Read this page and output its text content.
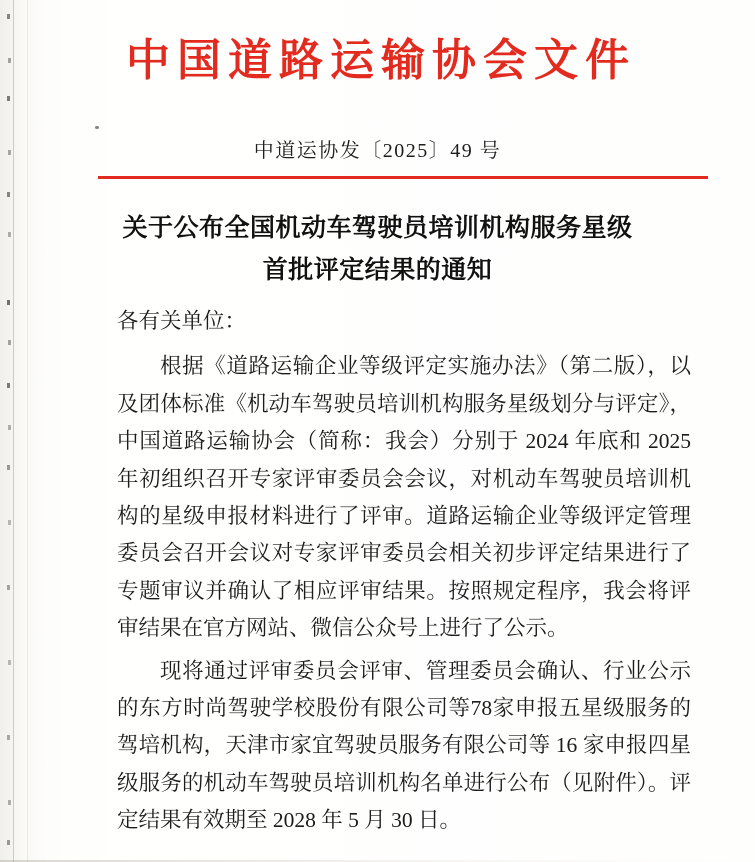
中国道路运输协会文件
中道运协发〔2025〕49 号
关于公布全国机动车驾驶员培训机构服务星级
首批评定结果的通知
各有关单位：

根据《道路运输企业等级评定实施办法》（第二版），以及团体标准《机动车驾驶员培训机构服务星级划分与评定》，中国道路运输协会（简称：我会）分别于 2024 年底和 2025 年初组织召开专家评审委员会会议，对机动车驾驶员培训机构的星级申报材料进行了评审。道路运输企业等级评定管理委员会召开会议对专家评审委员会相关初步评定结果进行了专题审议并确认了相应评审结果。按照规定程序，我会将评审结果在官方网站、微信公众号上进行了公示。

现将通过评审委员会评审、管理委员会确认、行业公示的东方时尚驾驶学校股份有限公司等78家申报五星级服务的驾培机构，天津市家宜驾驶员服务有限公司等 16 家申报四星级服务的机动车驾驶员培训机构名单进行公布（见附件）。评定结果有效期至 2028 年 5 月 30 日。
